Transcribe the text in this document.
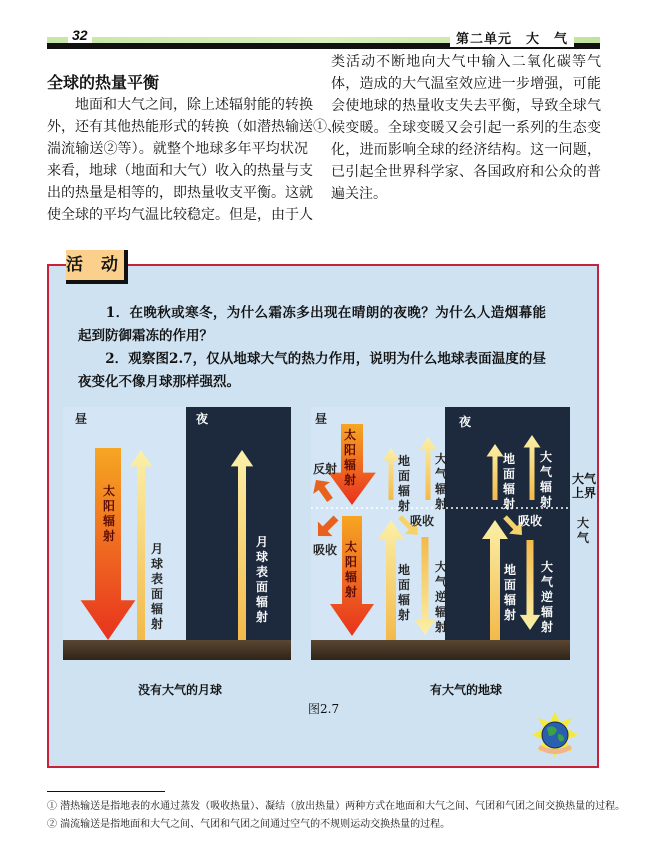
32	第二单元　大　气
全球的热量平衡
　　地面和大气之间，除上述辐射能的转换
外，还有其他热能形式的转换（如潜热输送①、
湍流输送②等）。就整个地球多年平均状况
来看，地球（地面和大气）收入的热量与支
出的热量是相等的，即热量收支平衡。这就
使全球的平均气温比较稳定。但是，由于人
类活动不断地向大气中输入二氧化碳等气
体，造成的大气温室效应进一步增强，可能
会使地球的热量收支失去平衡，导致全球气
候变暖。全球变暖又会引起一系列的生态变
化，进而影响全球的经济结构。这一问题，
已引起全世界科学家、各国政府和公众的普
遍关注。
活 动
　　1．在晚秋或寒冬，为什么霜冻多出现在晴朗的夜晚？为什么人造烟幕能
起到防御霜冻的作用？
　　2．观察图2.7，仅从地球大气的热力作用，说明为什么地球表面温度的昼
夜变化不像月球那样强烈。
昼	夜
太阳辐射
月球表面辐射
月球表面辐射
昼	夜
太阳辐射
太阳辐射
反射
吸收
地面辐射
大气辐射
吸收
地面辐射
大气逆辐射
地面辐射
大气辐射
吸收
地面辐射
大气逆辐射
大气上界
大气
没有大气的月球	有大气的地球
图2.7
① 潜热输送是指地表的水通过蒸发（吸收热量）、凝结（放出热量）两种方式在地面和大气之间、气团和气团之间交换热量的过程。
② 湍流输送是指地面和大气之间、气团和气团之间通过空气的不规则运动交换热量的过程。
